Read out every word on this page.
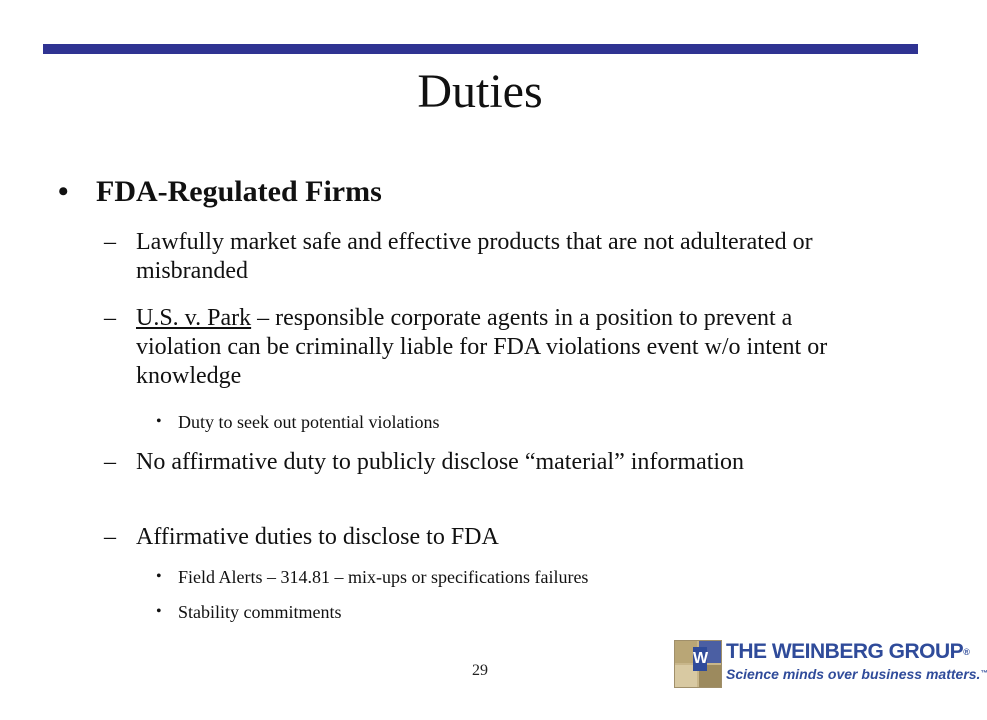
Duties
• FDA-Regulated Firms
– Lawfully market safe and effective products that are not adulterated or misbranded
– U.S. v. Park – responsible corporate agents in a position to prevent a violation can be criminally liable for FDA violations event w/o intent or knowledge
• Duty to seek out potential violations
– No affirmative duty to publicly disclose “material” information
– Affirmative duties to disclose to FDA
• Field Alerts – 314.81 – mix-ups or specifications failures
• Stability commitments
29
W THE WEINBERG GROUP®
Science minds over business matters.™
